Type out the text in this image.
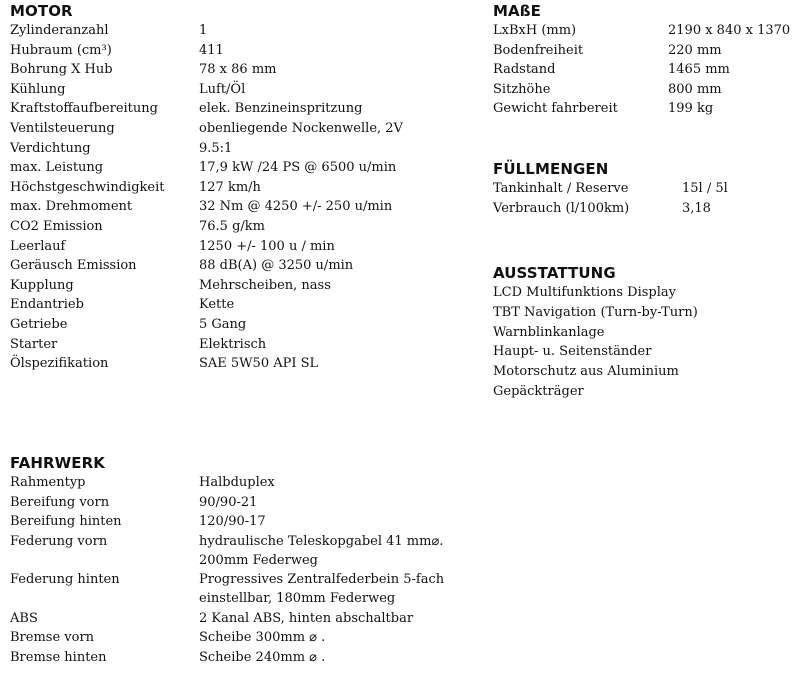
MOTOR
Zylinderanzahl	1
Hubraum (cm³)	411
Bohrung X Hub	78 x 86 mm
Kühlung	Luft/Öl
Kraftstoffaufbereitung	elek. Benzineinspritzung
Ventilsteuerung	obenliegende Nockenwelle, 2V
Verdichtung	9.5:1
max. Leistung	17,9 kW /24 PS @ 6500 u/min
Höchstgeschwindigkeit	127 km/h
max. Drehmoment	32 Nm @ 4250 +/- 250 u/min
CO2 Emission	76.5 g/km
Leerlauf	1250 +/- 100 u / min
Geräusch Emission	88 dB(A) @ 3250 u/min
Kupplung	Mehrscheiben, nass
Endantrieb	Kette
Getriebe	5 Gang
Starter	Elektrisch
Ölspezifikation	SAE 5W50 API SL
MAßE
LxBxH (mm)	2190 x 840 x 1370
Bodenfreiheit	220 mm
Radstand	1465 mm
Sitzhöhe	800 mm
Gewicht fahrbereit	199 kg
FÜLLMENGEN
Tankinhalt / Reserve	15l / 5l
Verbrauch (l/100km)	3,18
AUSSTATTUNG
LCD Multifunktions Display
TBT Navigation (Turn-by-Turn)
Warnblinkanlage
Haupt- u. Seitenständer
Motorschutz aus Aluminium
Gepäckträger
FAHRWERK
Rahmentyp	Halbduplex
Bereifung vorn	90/90-21
Bereifung hinten	120/90-17
Federung vorn	hydraulische Teleskopgabel 41 mm⌀.
200mm Federweg
Federung hinten	Progressives Zentralfederbein 5-fach
einstellbar, 180mm Federweg
ABS	2 Kanal ABS, hinten abschaltbar
Bremse vorn	Scheibe 300mm ⌀ .
Bremse hinten	Scheibe 240mm ⌀ .
